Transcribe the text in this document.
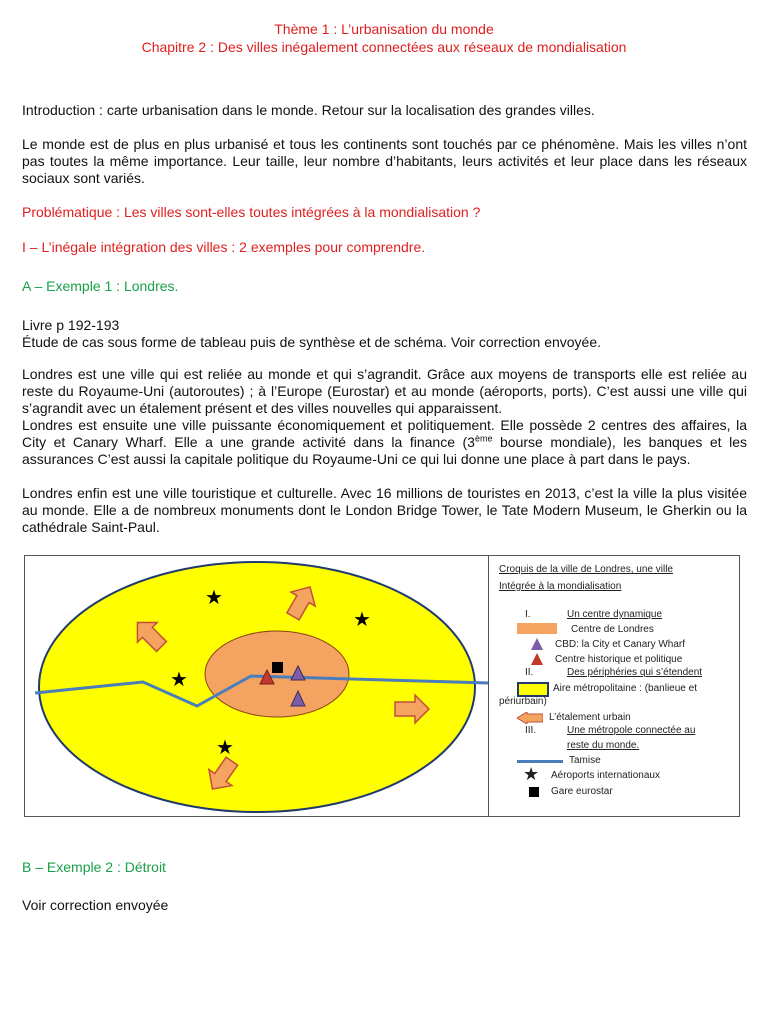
Thème 1 : L’urbanisation du monde
Chapitre 2 : Des villes inégalement connectées aux réseaux de mondialisation
Introduction : carte urbanisation dans le monde. Retour sur la localisation des grandes villes.
Le monde est de plus en plus urbanisé et tous les continents sont touchés par ce phénomène. Mais les villes n’ont pas toutes la même importance. Leur taille, leur nombre d’habitants, leurs activités et leur place dans les réseaux sociaux sont variés.
Problématique : Les villes sont-elles toutes intégrées à la mondialisation ?
I – L’inégale intégration des villes : 2 exemples pour comprendre.
A – Exemple 1 : Londres.
Livre p 192-193
Étude de cas sous forme de tableau puis de synthèse et de schéma. Voir correction envoyée.
Londres est une ville qui est reliée au monde et qui s’agrandit. Grâce aux moyens de transports elle est reliée au reste du Royaume-Uni (autoroutes) ; à l’Europe (Eurostar) et au monde (aéroports, ports). C’est aussi une ville qui s’agrandit avec un étalement présent et des villes nouvelles qui apparaissent.
Londres est ensuite une ville puissante économiquement et politiquement. Elle possède 2 centres des affaires, la City et Canary Wharf. Elle a une grande activité dans la finance (3ème bourse mondiale), les banques et les assurances C’est aussi la capitale politique du Royaume-Uni ce qui lui donne une place à part dans le pays.
Londres enfin est une ville touristique et culturelle. Avec 16 millions de touristes en 2013, c’est la ville la plus visitée au monde. Elle a de nombreux monuments dont le London Bridge Tower, le Tate Modern Museum, le Gherkin ou la cathédrale Saint-Paul.
★
★
★
★
Croquis de la ville de Londres, une ville
Intégrée à la mondialisation
I.	Un centre dynamique
Centre de Londres
CBD: la City et Canary Wharf
Centre historique et politique
II.	Des périphéries qui s’étendent
Aire métropolitaine : (banlieue et
périurbain)
L’étalement urbain
III.	Une métropole connectée au
reste du monde.
Tamise
★ Aéroports internationaux
Gare eurostar
B – Exemple 2 : Détroit
Voir correction envoyée
